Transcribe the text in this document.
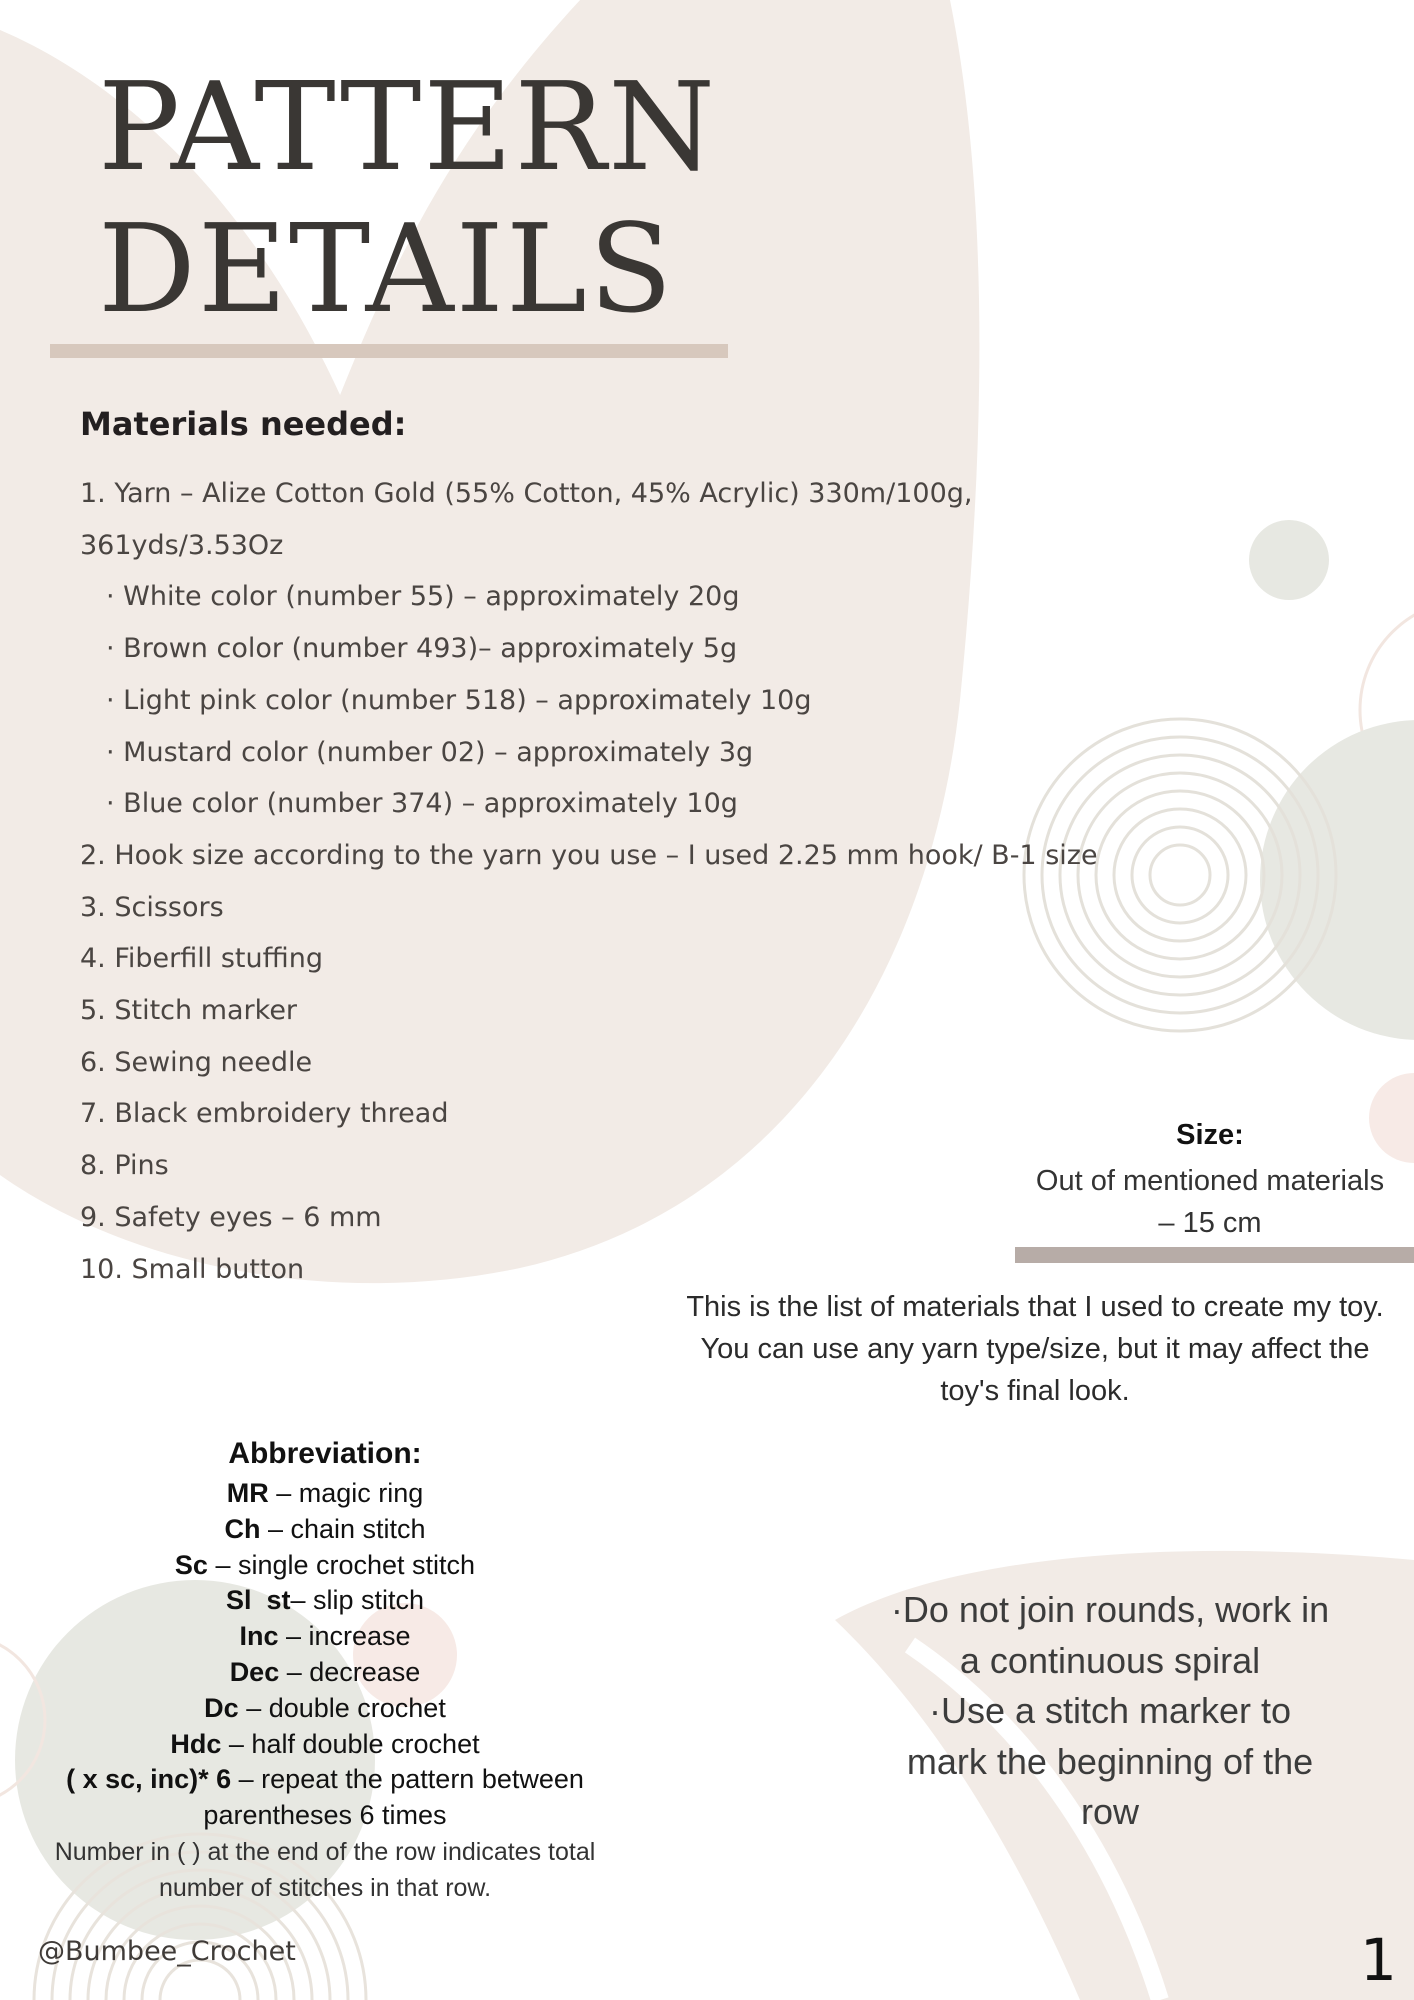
PATTERN
DETAILS
Materials needed:
1. Yarn – Alize Cotton Gold (55% Cotton, 45% Acrylic) 330m/100g,
361yds/3.53Oz
· White color (number 55) – approximately 20g
· Brown color (number 493)– approximately 5g
· Light pink color (number 518) – approximately 10g
· Mustard color (number 02) – approximately 3g
· Blue color (number 374) – approximately 10g
2. Hook size according to the yarn you use – I used 2.25 mm hook/ B-1 size
3. Scissors
4. Fiberfill stuffing
5. Stitch marker
6. Sewing needle
7. Black embroidery thread
8. Pins
9. Safety eyes – 6 mm
10. Small button
Size:
Out of mentioned materials
– 15 cm
This is the list of materials that I used to create my toy.
You can use any yarn type/size, but it may affect the
toy's final look.
Abbreviation:
MR – magic ring
Ch – chain stitch
Sc – single crochet stitch
Sl  st– slip stitch
Inc – increase
Dec – decrease
Dc – double crochet
Hdc – half double crochet
( x sc, inc)* 6 – repeat the pattern between
parentheses 6 times
Number in ( ) at the end of the row indicates total
number of stitches in that row.
·Do not join rounds, work in
a continuous spiral
·Use a stitch marker to
mark the beginning of the
row
@Bumbee_Crochet	1
